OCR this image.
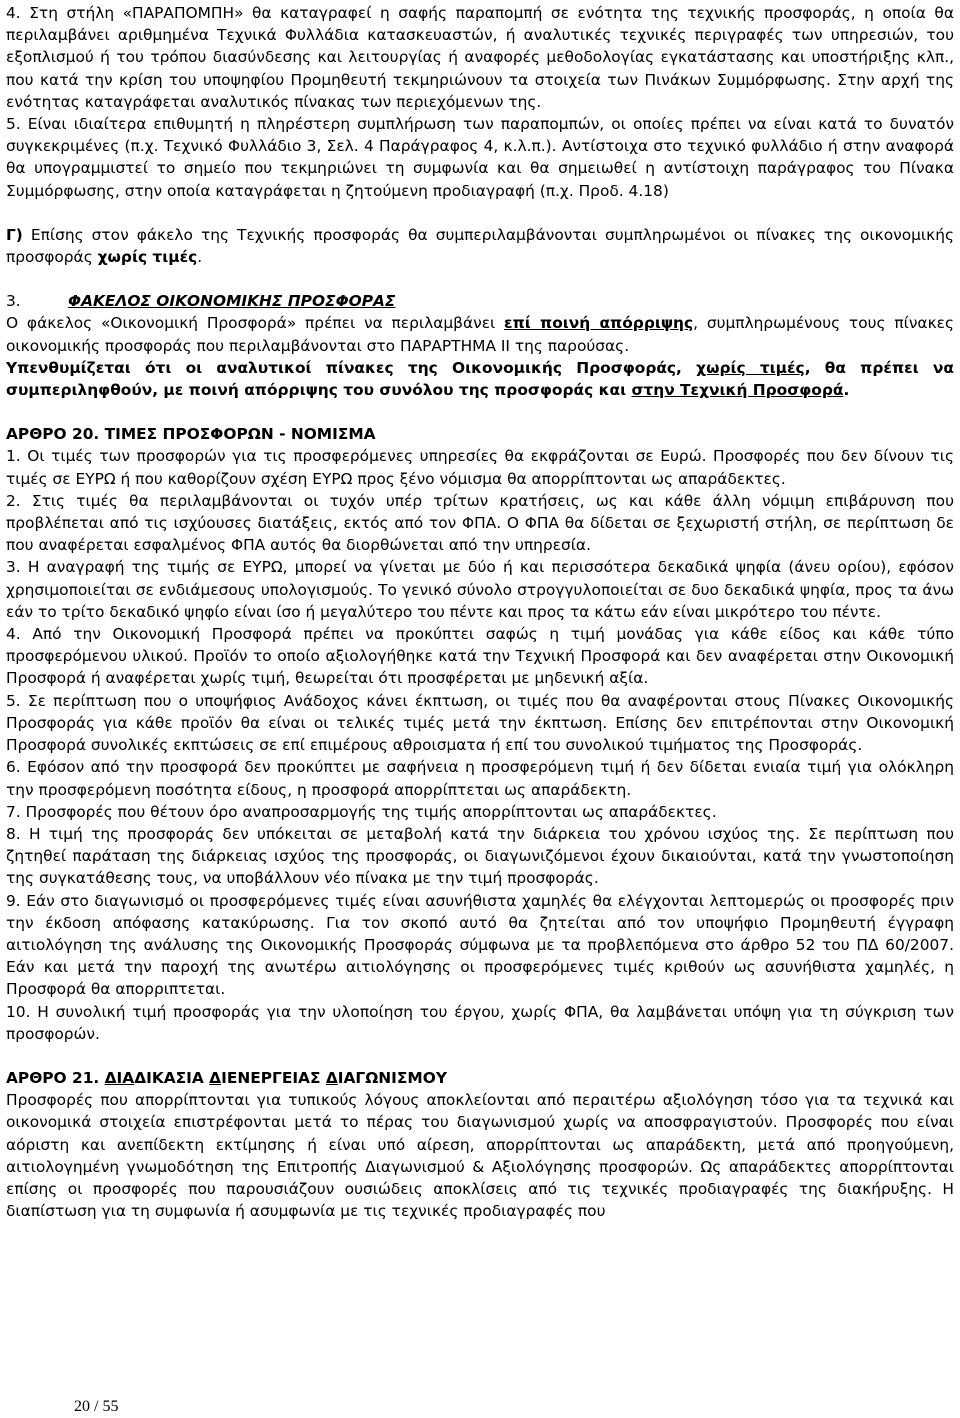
4. Στη στήλη «ΠΑΡΑΠΟΜΠΗ» θα καταγραφεί η σαφής παραπομπή σε ενότητα της τεχνικής προσφοράς, η οποία θα περιλαμβάνει αριθμημένα Τεχνικά Φυλλάδια κατασκευαστών, ή αναλυτικές τεχνικές περιγραφές των υπηρεσιών, του εξοπλισμού ή του τρόπου διασύνδεσης και λειτουργίας ή αναφορές μεθοδολογίας εγκατάστασης και υποστήριξης κλπ., που κατά την κρίση του υποψηφίου Προμηθευτή τεκμηριώνουν τα στοιχεία των Πινάκων Συμμόρφωσης. Στην αρχή της ενότητας καταγράφεται αναλυτικός πίνακας των περιεχόμενων της.

5. Είναι ιδιαίτερα επιθυμητή η πληρέστερη συμπλήρωση των παραπομπών, οι οποίες πρέπει να είναι κατά το δυνατόν συγκεκριμένες (π.χ. Τεχνικό Φυλλάδιο 3, Σελ. 4 Παράγραφος 4, κ.λ.π.). Αντίστοιχα στο τεχνικό φυλλάδιο ή στην αναφορά θα υπογραμμιστεί το σημείο που τεκμηριώνει τη συμφωνία και θα σημειωθεί η αντίστοιχη παράγραφος του Πίνακα Συμμόρφωσης, στην οποία καταγράφεται η ζητούμενη προδιαγραφή (π.χ. Προδ. 4.18)

Γ) Επίσης στον φάκελο της Τεχνικής προσφοράς θα συμπεριλαμβάνονται συμπληρωμένοι οι πίνακες της οικονομικής προσφοράς χωρίς τιμές.

3.	ΦΑΚΕΛΟΣ ΟΙΚΟΝΟΜΙΚΗΣ ΠΡΟΣΦΟΡΑΣ

Ο φάκελος «Οικονομική Προσφορά» πρέπει να περιλαμβάνει επί ποινή απόρριψης, συμπληρωμένους τους πίνακες οικονομικής προσφοράς που περιλαμβάνονται στο ΠΑΡΑΡΤΗΜΑ ΙΙ της παρούσας.

Υπενθυμίζεται ότι οι αναλυτικοί πίνακες της Οικονομικής Προσφοράς, χωρίς τιμές, θα πρέπει να συμπεριληφθούν, με ποινή απόρριψης του συνόλου της προσφοράς και στην Τεχνική Προσφορά.

ΑΡΘΡΟ 20. ΤΙΜΕΣ ΠΡΟΣΦΟΡΩΝ - ΝΟΜΙΣΜΑ

1. Οι τιμές των προσφορών για τις προσφερόμενες υπηρεσίες θα εκφράζονται σε Ευρώ. Προσφορές που δεν δίνουν τις τιμές σε ΕΥΡΩ ή που καθορίζουν σχέση ΕΥΡΩ προς ξένο νόμισμα θα απορρίπτονται ως απαράδεκτες.

2. Στις τιμές θα περιλαμβάνονται οι τυχόν υπέρ τρίτων κρατήσεις, ως και κάθε άλλη νόμιμη επιβάρυνση που προβλέπεται από τις ισχύουσες διατάξεις, εκτός από τον ΦΠΑ. Ο ΦΠΑ θα δίδεται σε ξεχωριστή στήλη, σε περίπτωση δε που αναφέρεται εσφαλμένος ΦΠΑ αυτός θα διορθώνεται από την υπηρεσία.

3. Η αναγραφή της τιμής σε ΕΥΡΩ, μπορεί να γίνεται με δύο ή και περισσότερα δεκαδικά ψηφία (άνευ ορίου), εφόσον χρησιμοποιείται σε ενδιάμεσους υπολογισμούς. Το γενικό σύνολο στρογγυλοποιείται σε δυο δεκαδικά ψηφία, προς τα άνω εάν το τρίτο δεκαδικό ψηφίο είναι ίσο ή μεγαλύτερο του πέντε και προς τα κάτω εάν είναι μικρότερο του πέντε.

4. Από την Οικονομική Προσφορά πρέπει να προκύπτει σαφώς η τιμή μονάδας για κάθε είδος και κάθε τύπο προσφερόμενου υλικού. Προϊόν το οποίο αξιολογήθηκε κατά την Τεχνική Προσφορά και δεν αναφέρεται στην Οικονομική Προσφορά ή αναφέρεται χωρίς τιμή, θεωρείται ότι προσφέρεται με μηδενική αξία.

5. Σε περίπτωση που ο υποψήφιος Ανάδοχος κάνει έκπτωση, οι τιμές που θα αναφέρονται στους Πίνακες Οικονομικής Προσφοράς για κάθε προϊόν θα είναι οι τελικές τιμές μετά την έκπτωση. Επίσης δεν επιτρέπονται στην Οικονομική Προσφορά συνολικές εκπτώσεις σε επί επιμέρους αθροισματα ή επί του συνολικού τιμήματος της Προσφοράς.

6. Εφόσον από την προσφορά δεν προκύπτει με σαφήνεια η προσφερόμενη τιμή ή δεν δίδεται ενιαία τιμή για ολόκληρη την προσφερόμενη ποσότητα είδους, η προσφορά απορρίπτεται ως απαράδεκτη.

7. Προσφορές που θέτουν όρο αναπροσαρμογής της τιμής απορρίπτονται ως απαράδεκτες.

8. Η τιμή της προσφοράς δεν υπόκειται σε μεταβολή κατά την διάρκεια του χρόνου ισχύος της. Σε περίπτωση που ζητηθεί παράταση της διάρκειας ισχύος της προσφοράς, οι διαγωνιζόμενοι έχουν δικαιούνται, κατά την γνωστοποίηση της συγκατάθεσης τους, να υποβάλλουν νέο πίνακα με την τιμή προσφοράς.

9. Εάν στο διαγωνισμό οι προσφερόμενες τιμές είναι ασυνήθιστα χαμηλές θα ελέγχονται λεπτομερώς οι προσφορές πριν την έκδοση απόφασης κατακύρωσης. Για τον σκοπό αυτό θα ζητείται από τον υποψήφιο Προμηθευτή έγγραφη αιτιολόγηση της ανάλυσης της Οικονομικής Προσφοράς σύμφωνα με τα προβλεπόμενα στο άρθρο 52 του ΠΔ 60/2007. Εάν και μετά την παροχή της ανωτέρω αιτιολόγησης οι προσφερόμενες τιμές κριθούν ως ασυνήθιστα χαμηλές, η Προσφορά θα απορριπτεται.

10. Η συνολική τιμή προσφοράς για την υλοποίηση του έργου, χωρίς ΦΠΑ, θα λαμβάνεται υπόψη για τη σύγκριση των προσφορών.

ΑΡΘΡΟ 21. ΔΙΑΔΙΚΑΣΙΑ ΔΙΕΝΕΡΓΕΙΑΣ ΔΙΑΓΩΝΙΣΜΟΥ

Προσφορές που απορρίπτονται για τυπικούς λόγους αποκλείονται από περαιτέρω αξιολόγηση τόσο για τα τεχνικά και οικονομικά στοιχεία επιστρέφονται μετά το πέρας του διαγωνισμού χωρίς να αποσφραγιστούν. Προσφορές που είναι αόριστη και ανεπίδεκτη εκτίμησης ή είναι υπό αίρεση, απορρίπτονται ως απαράδεκτη, μετά από προηγούμενη, αιτιολογημένη γνωμοδότηση της Επιτροπής Διαγωνισμού & Αξιολόγησης προσφορών. Ως απαράδεκτες απορρίπτονται επίσης οι προσφορές που παρουσιάζουν ουσιώδεις αποκλίσεις από τις τεχνικές προδιαγραφές της διακήρυξης. Η διαπίστωση για τη συμφωνία ή ασυμφωνία με τις τεχνικές προδιαγραφές που

20 / 55
